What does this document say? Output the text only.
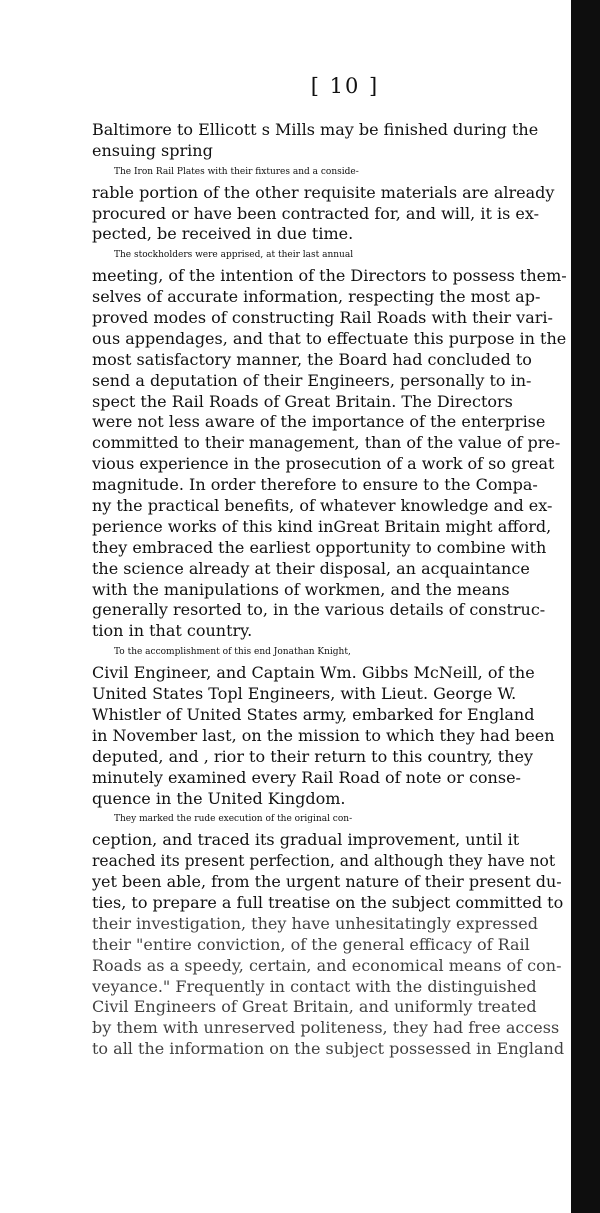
[ 10 ]
Baltimore to Ellicott s Mills may be finished during the
ensuing spring
The Iron Rail Plates with their fixtures and a conside-
rable portion of the other requisite materials are already
procured or have been contracted for, and will, it is ex-
pected, be received in due time.
The stockholders were apprised, at their last annual
meeting, of the intention of the Directors to possess them-
selves of accurate information, respecting the most ap-
proved modes of constructing Rail Roads with their vari-
ous appendages, and that to effectuate this purpose in the
most satisfactory manner, the Board had concluded to
send a deputation of their Engineers, personally to in-
spect the Rail Roads of Great Britain. The Directors
were not less aware of the importance of the enterprise
committed to their management, than of the value of pre-
vious experience in the prosecution of a work of so great
magnitude. In order therefore to ensure to the Compa-
ny the practical benefits, of whatever knowledge and ex-
perience works of this kind inGreat Britain might afford,
they embraced the earliest opportunity to combine with
the science already at their disposal, an acquaintance
with the manipulations of workmen, and the means
generally resorted to, in the various details of construc-
tion in that country.
To the accomplishment of this end Jonathan Knight,
Civil Engineer, and Captain Wm. Gibbs McNeill, of the
United States Topl Engineers, with Lieut. George W.
Whistler of United States army, embarked for England
in November last, on the mission to which they had been
deputed, and , rior to their return to this country, they
minutely examined every Rail Road of note or conse-
quence in the United Kingdom.
They marked the rude execution of the original con-
ception, and traced its gradual improvement, until it
reached its present perfection, and although they have not
yet been able, from the urgent nature of their present du-
ties, to prepare a full treatise on the subject committed to
their investigation, they have unhesitatingly expressed
their "entire conviction, of the general efficacy of Rail
Roads as a speedy, certain, and economical means of con-
veyance." Frequently in contact with the distinguished
Civil Engineers of Great Britain, and uniformly treated
by them with unreserved politeness, they had free access
to all the information on the subject possessed in England
